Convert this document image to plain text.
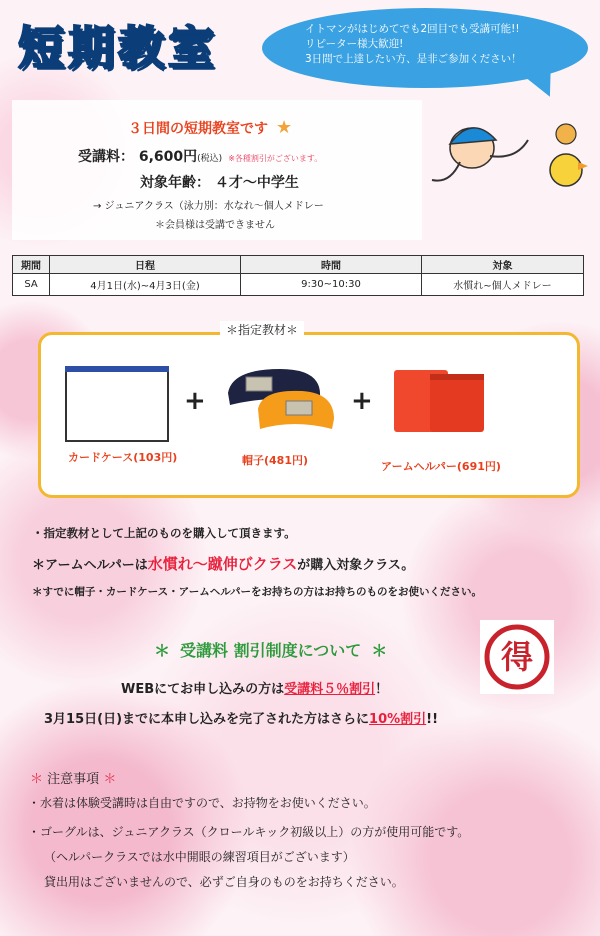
短期教室	イトマンがはじめてでも2回目でも受講可能!!
リピーター様大歓迎!
3日間で上達したい方、是非ご参加ください！
３日間の短期教室です ★
受講料： 6,600円(税込) ※各種割引がございます。
対象年齢： ４才〜中学生
→ ジュニアクラス（泳力別：水なれ〜個人メドレー
＊会員様は受講できません
期間	日程	時間	対象
SA	4月1日(水)~4月3日(金)	9:30~10:30	水慣れ~個人メドレー
＊指定教材＊
+	+
カードケース(103円)	帽子(481円)	アームヘルパー(691円)
・指定教材として上記のものを購入して頂きます。
＊アームヘルパーは水慣れ〜蹴伸びクラスが購入対象クラス。
＊すでに帽子・カードケース・アームヘルパーをお持ちの方はお持ちのものをお使いください。
＊ 受講料 割引制度について ＊
WEBにてお申し込みの方は受講料５％割引！
3月15日(日)までに本申し込みを完了された方はさらに10%割引!!
得
＊ 注意事項 ＊
・水着は体験受講時は自由ですので、お持物をお使いください。
・ゴーグルは、ジュニアクラス（クロールキック初級以上）の方が使用可能です。
（ヘルパークラスでは水中開眼の練習項目がございます）
貸出用はございませんので、必ずご自身のものをお持ちください。
